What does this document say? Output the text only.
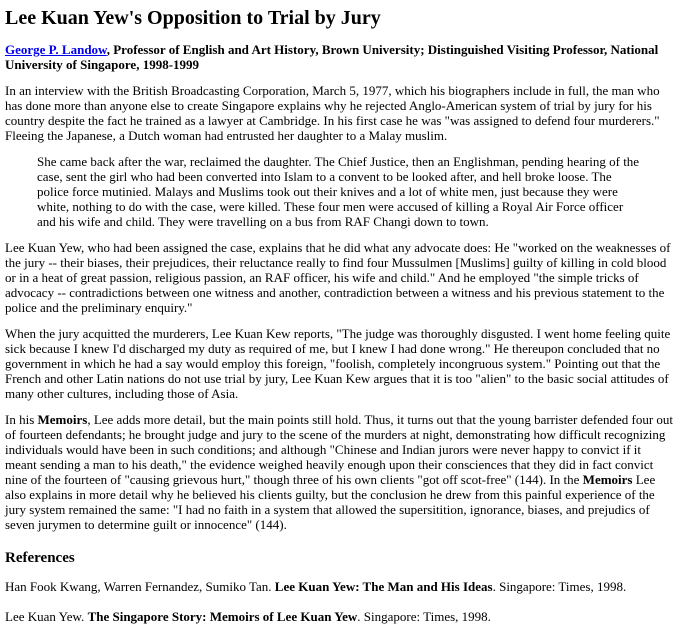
Lee Kuan Yew's Opposition to Trial by Jury
George P. Landow, Professor of English and Art History, Brown University; Distinguished Visiting Professor, National University of Singapore, 1998-1999

In an interview with the British Broadcasting Corporation, March 5, 1977, which his biographers include in full, the man who has done more than anyone else to create Singapore explains why he rejected Anglo-American system of trial by jury for his country despite the fact he trained as a lawyer at Cambridge. In his first case he was "was assigned to defend four murderers." Fleeing the Japanese, a Dutch woman had entrusted her daughter to a Malay muslim.

She came back after the war, reclaimed the daughter. The Chief Justice, then an Englishman, pending hearing of the case, sent the girl who had been converted into Islam to a convent to be looked after, and hell broke loose. The police force mutinied. Malays and Muslims took out their knives and a lot of white men, just because they were white, nothing to do with the case, were killed. These four men were accused of killing a Royal Air Force officer and his wife and child. They were travelling on a bus from RAF Changi down to town.

Lee Kuan Yew, who had been assigned the case, explains that he did what any advocate does: He "worked on the weaknesses of the jury -- their biases, their prejudices, their reluctance really to find four Mussulmen [Muslims] guilty of killing in cold blood or in a heat of great passion, religious passion, an RAF officer, his wife and child." And he employed "the simple tricks of advocacy -- contradictions between one witness and another, contradiction between a witness and his previous statement to the police and the preliminary enquiry."

When the jury acquitted the murderers, Lee Kuan Kew reports, "The judge was thoroughly disgusted. I went home feeling quite sick because I knew I'd discharged my duty as required of me, but I knew I had done wrong." He thereupon concluded that no government in which he had a say would employ this foreign, "foolish, completely incongruous system." Pointing out that the French and other Latin nations do not use trial by jury, Lee Kuan Kew argues that it is too "alien" to the basic social attitudes of many other cultures, including those of Asia.

In his Memoirs, Lee adds more detail, but the main points still hold. Thus, it turns out that the young barrister defended four out of fourteen defendants; he brought judge and jury to the scene of the murders at night, demonstrating how difficult recognizing individuals would have been in such conditions; and although "Chinese and Indian jurors were never happy to convict if it meant sending a man to his death," the evidence weighed heavily enough upon their consciences that they did in fact convict nine of the fourteen of "causing grievous hurt," though three of his own clients "got off scot-free" (144). In the Memoirs Lee also explains in more detail why he believed his clients guilty, but the conclusion he drew from this painful experience of the jury system remained the same: "I had no faith in a system that allowed the supersitition, ignorance, biases, and prejudics of seven jurymen to determine guilt or innocence" (144).

References

Han Fook Kwang, Warren Fernandez, Sumiko Tan. Lee Kuan Yew: The Man and His Ideas. Singapore: Times, 1998.

Lee Kuan Yew. The Singapore Story: Memoirs of Lee Kuan Yew. Singapore: Times, 1998.
